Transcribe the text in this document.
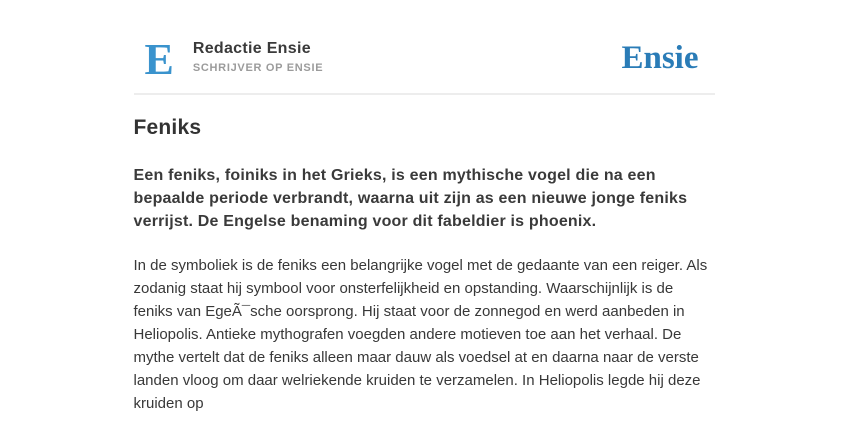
E Redactie Ensie
SCHRIJVER OP ENSIE	Ensie
Feniks

Een feniks, foiniks in het Grieks, is een mythische vogel die na een bepaalde periode verbrandt, waarna uit zijn as een nieuwe jonge feniks verrijst. De Engelse benaming voor dit fabeldier is phoenix.

In de symboliek is de feniks een belangrijke vogel met de gedaante van een reiger. Als zodanig staat hij symbool voor onsterfelijkheid en opstanding. Waarschijnlijk is de feniks van EgeÃ¯sche oorsprong. Hij staat voor de zonnegod en werd aanbeden in Heliopolis. Antieke mythografen voegden andere motieven toe aan het verhaal. De mythe vertelt dat de feniks alleen maar dauw als voedsel at en daarna naar de verste landen vloog om daar welriekende kruiden te verzamelen. In Heliopolis legde hij deze kruiden op
